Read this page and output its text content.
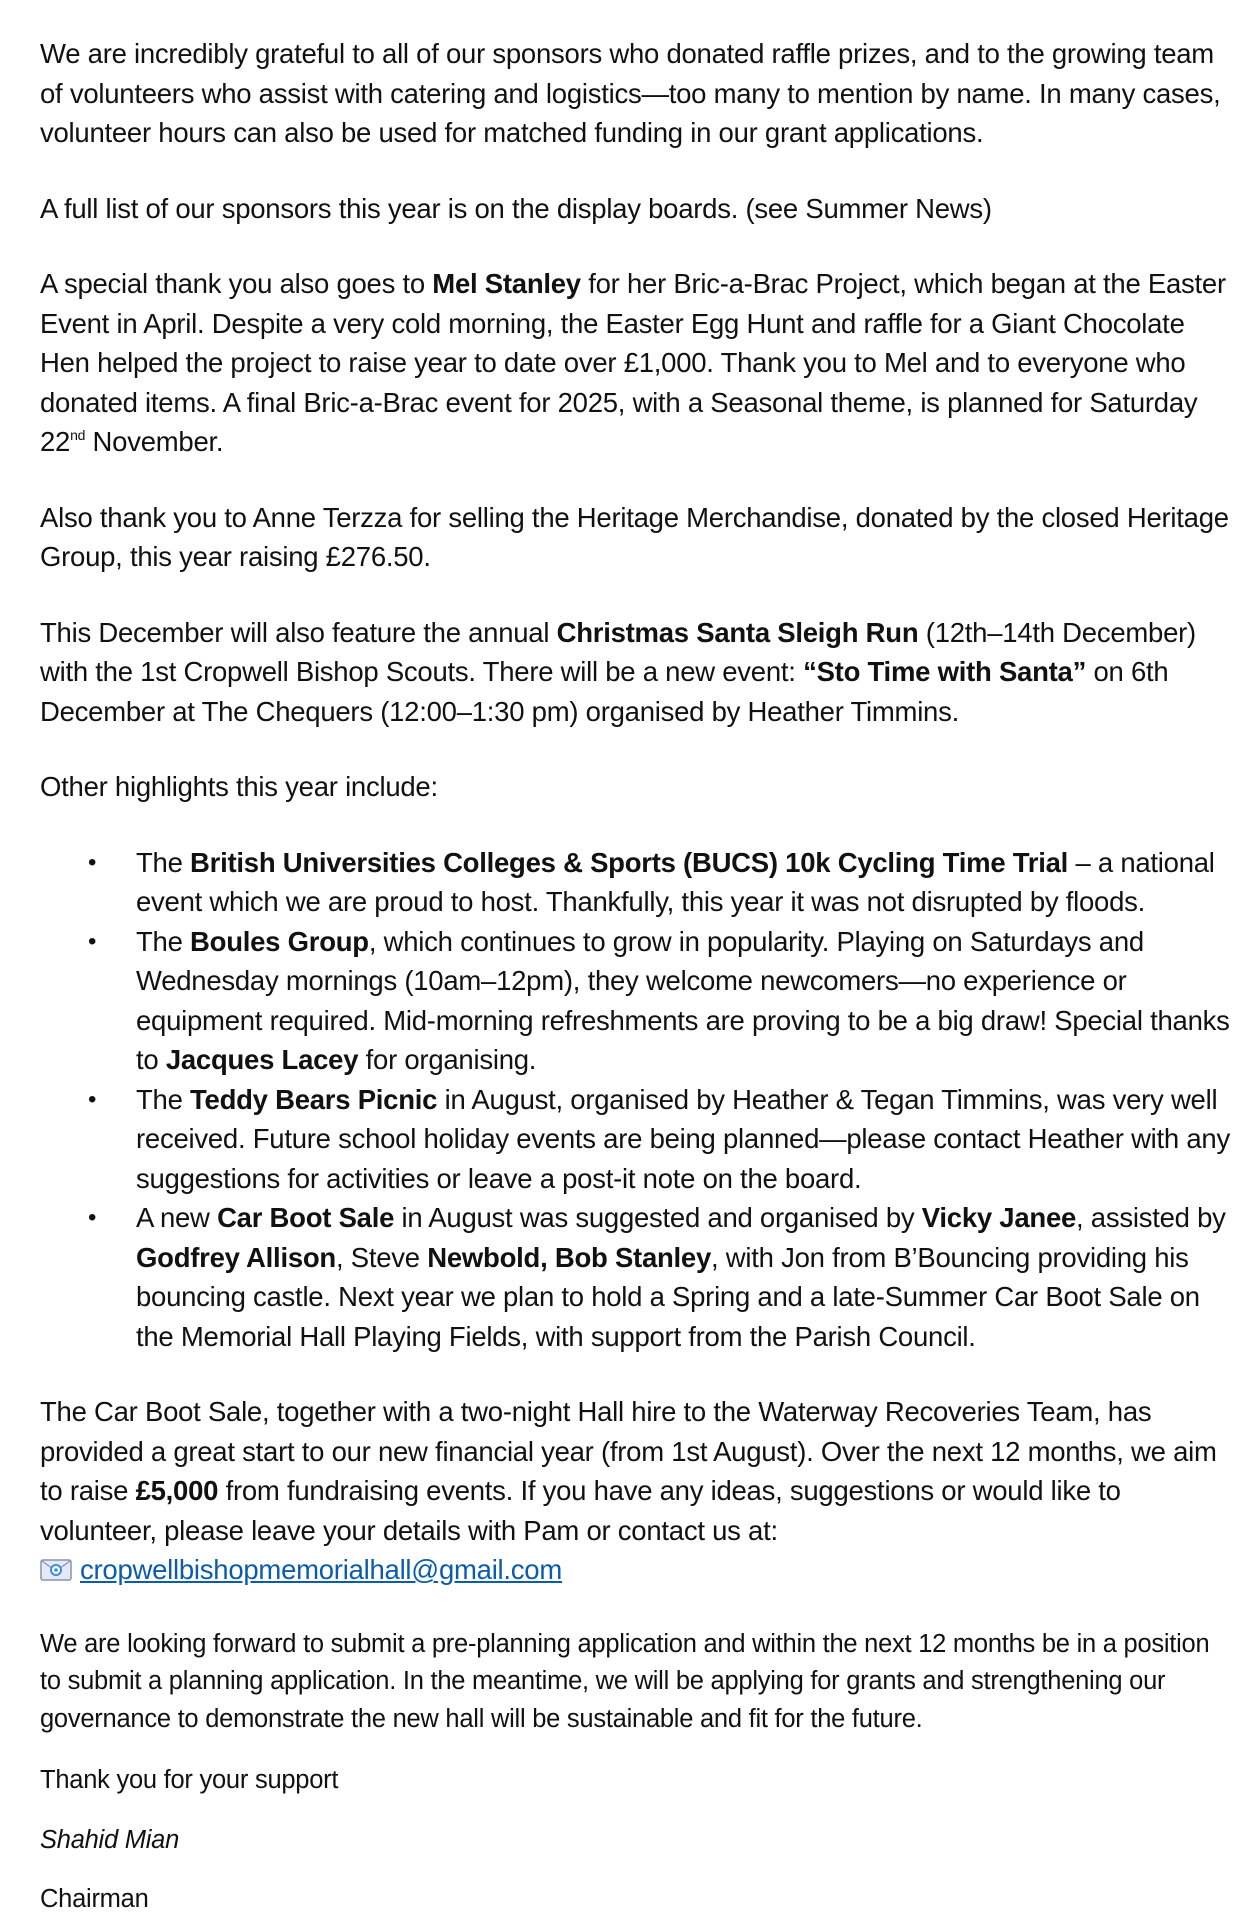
We are incredibly grateful to all of our sponsors who donated raffle prizes, and to the growing team of volunteers who assist with catering and logistics—too many to mention by name. In many cases, volunteer hours can also be used for matched funding in our grant applications.

A full list of our sponsors this year is on the display boards. (see Summer News)

A special thank you also goes to Mel Stanley for her Bric-a-Brac Project, which began at the Easter Event in April. Despite a very cold morning, the Easter Egg Hunt and raffle for a Giant Chocolate Hen helped the project to raise year to date over £1,000. Thank you to Mel and to everyone who donated items. A final Bric-a-Brac event for 2025, with a Seasonal theme, is planned for Saturday 22nd November.

Also thank you to Anne Terzza for selling the Heritage Merchandise, donated by the closed Heritage Group, this year raising £276.50.

This December will also feature the annual Christmas Santa Sleigh Run (12th–14th December) with the 1st Cropwell Bishop Scouts. There will be a new event: “Sto Time with Santa” on 6th December at The Chequers (12:00–1:30 pm) organised by Heather Timmins.

Other highlights this year include:

• The British Universities Colleges & Sports (BUCS) 10k Cycling Time Trial – a national event which we are proud to host. Thankfully, this year it was not disrupted by floods.
• The Boules Group, which continues to grow in popularity. Playing on Saturdays and Wednesday mornings (10am–12pm), they welcome newcomers—no experience or equipment required. Mid-morning refreshments are proving to be a big draw! Special thanks to Jacques Lacey for organising.
• The Teddy Bears Picnic in August, organised by Heather & Tegan Timmins, was very well received. Future school holiday events are being planned—please contact Heather with any suggestions for activities or leave a post-it note on the board.
• A new Car Boot Sale in August was suggested and organised by Vicky Janee, assisted by Godfrey Allison, Steve Newbold, Bob Stanley, with Jon from B’Bouncing providing his bouncing castle. Next year we plan to hold a Spring and a late-Summer Car Boot Sale on the Memorial Hall Playing Fields, with support from the Parish Council.

The Car Boot Sale, together with a two-night Hall hire to the Waterway Recoveries Team, has provided a great start to our new financial year (from 1st August). Over the next 12 months, we aim to raise £5,000 from fundraising events. If you have any ideas, suggestions or would like to volunteer, please leave your details with Pam or contact us at:
cropwellbishopmemorialhall@gmail.com

We are looking forward to submit a pre-planning application and within the next 12 months be in a position to submit a planning application. In the meantime, we will be applying for grants and strengthening our governance to demonstrate the new hall will be sustainable and fit for the future.

Thank you for your support

Shahid Mian

Chairman
